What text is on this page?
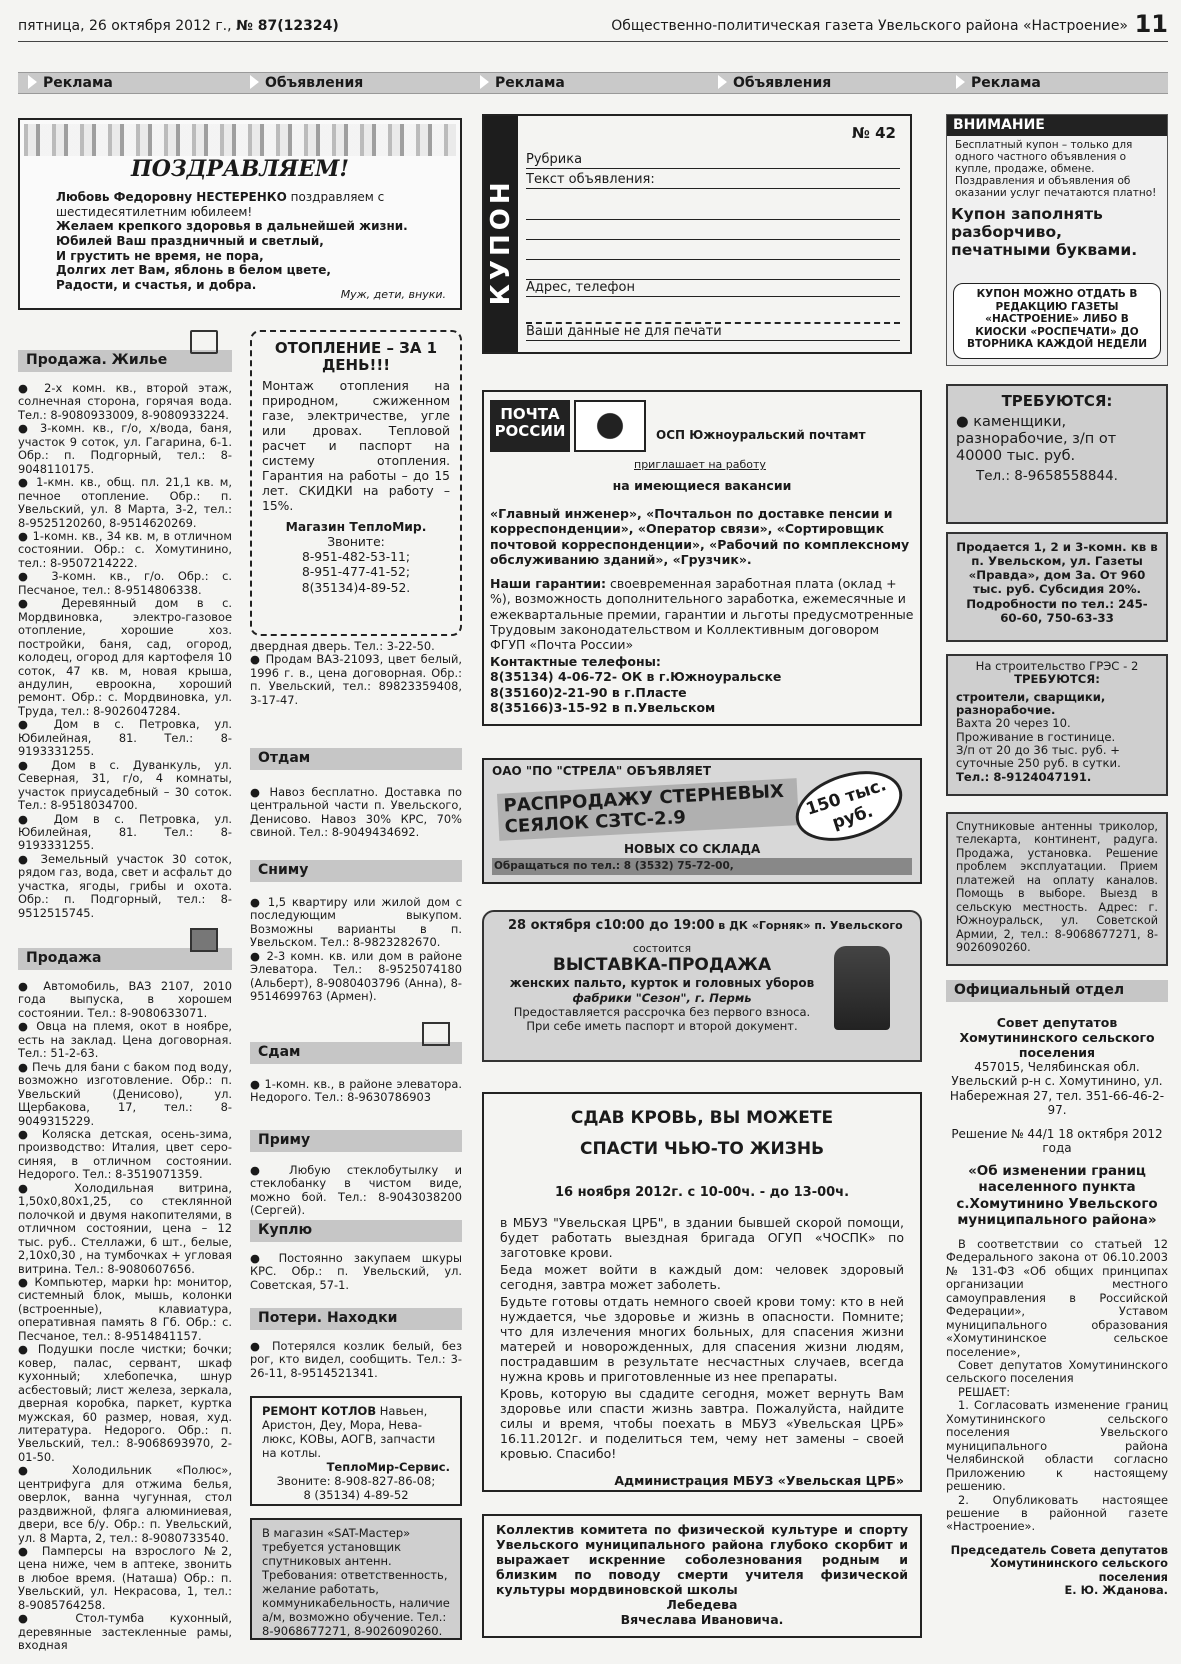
пятница, 26 октября 2012 г., № 87(12324)	Общественно-политическая газета Увельского района «Настроение» 11
Реклама	Объявления	Реклама	Объявления	Реклама
ПОЗДРАВЛЯЕМ!
Любовь Федоровну НЕСТЕРЕНКО поздравляем с шестидесятилетним юбилеем!
Желаем крепкого здоровья в дальнейшей жизни.
Юбилей Ваш праздничный и светлый,
И грустить не время, не пора,
Долгих лет Вам, яблонь в белом цвете,
Радости, и счастья, и добра.
Муж, дети, внуки.
Продажа. Жилье

● 2-х комн. кв., второй этаж, солнечная сторона, горячая вода. Тел.: 8-9080933009, 8-9080933224.

● 3-комн. кв., г/о, х/вода, баня, участок 9 соток, ул. Гагарина, 6-1. Обр.: п. Подгорный, тел.: 8-9048110175.

● 1-кмн. кв., общ. пл. 21,1 кв. м, печное отопление. Обр.: п. Увельский, ул. 8 Марта, 3-2, тел.: 8-9525120260, 8-9514620269.

● 1-комн. кв., 34 кв. м, в отличном состоянии. Обр.: с. Хомутинино, тел.: 8-9507214222.

● 3-комн. кв., г/о. Обр.: с. Песчаное, тел.: 8-9514806338.

● Деревянный дом в с. Мордвиновка, электро-газовое отопление, хорошие хоз. постройки, баня, сад, огород, колодец, огород для картофеля 10 соток, 47 кв. м, новая крыша, андулин, евроокна, хороший ремонт. Обр.: с. Мордвиновка, ул. Труда, тел.: 8-9026047284.

● Дом в с. Петровка, ул. Юбилейная, 81. Тел.: 8-9193331255.

● Дом в с. Дуванкуль, ул. Северная, 31, г/о, 4 комнаты, участок приусадебный – 30 соток. Тел.: 8-9518034700.

● Дом в с. Петровка, ул. Юбилейная, 81. Тел.: 8-9193331255.

● Земельный участок 30 соток, рядом газ, вода, свет и асфальт до участка, ягоды, грибы и охота. Обр.: п. Подгорный, тел.: 8-9512515745.

Продажа

● Автомобиль, ВАЗ 2107, 2010 года выпуска, в хорошем состоянии. Тел.: 8-9080633071.

● Овца на племя, окот в ноябре, есть на заклад. Цена договорная. Тел.: 51-2-63.

● Печь для бани с баком под воду, возможно изготовление. Обр.: п. Увельский (Денисово), ул. Щербакова, 17, тел.: 8-9049315229.

● Коляска детская, осень-зима, производство: Италия, цвет серо-синяя, в отличном состоянии. Недорого. Тел.: 8-3519071359.

● Холодильная витрина, 1,50х0,80х1,25, со стеклянной полочкой и двумя накопителями, в отличном состоянии, цена – 12 тыс. руб.. Стеллажи, 6 шт., белые, 2,10х0,30 , на тумбочках + угловая витрина. Тел.: 8-9080607656.

● Компьютер, марки hp: монитор, системный блок, мышь, колонки (встроенные), клавиатура, оперативная память 8 Гб. Обр.: с. Песчаное, тел.: 8-9514841157.

● Подушки после чистки; бочки; ковер, палас, сервант, шкаф кухонный; хлебопечка, шнур асбестовый; лист железа, зеркала, дверная коробка, паркет, куртка мужская, 60 размер, новая, худ. литература. Недорого. Обр.: п. Увельский, тел.: 8-9068693970, 2-01-50.

● Холодильник «Полюс», центрифуга для отжима белья, оверлок, ванна чугунная, стол раздвижной, фляга алюминиевая, двери, все б/у. Обр.: п. Увельский, ул. 8 Марта, 2, тел.: 8-9080733540.

● Памперсы на взрослого №2, цена ниже, чем в аптеке, звонить в любое время. (Наташа) Обр.: п. Увельский, ул. Некрасова, 1, тел.: 8-9085764258.

● Стол-тумба кухонный, деревянные застекленные рамы, входная

ОТОПЛЕНИЕ – ЗА 1 ДЕНЬ!!!
Монтаж отопления на природном, сжиженном газе, электричестве, угле или дровах. Тепловой расчет и паспорт на систему отопления. Гарантия на работы – до 15 лет. СКИДКИ на работу – 15%.
Магазин ТеплоМир.
Звоните:
8-951-482-53-11;
8-951-477-41-52;
8(35134)4-89-52.

двердная дверь. Тел.: 3-22-50.

● Продам ВАЗ-21093, цвет белый, 1996 г. в., цена договорная. Обр.: п. Увельский, тел.: 89823359408, 3-17-47.

Отдам
● Навоз бесплатно. Доставка по центральной части п. Увельского, Денисово. Навоз 30% КРС, 70% свиной. Тел.: 8-9049434692.
Сниму

● 1,5 квартиру или жилой дом с последующим выкупом. Возможны варианты в п. Увельском. Тел.: 8-9823282670.

● 2-3 комн. кв. или дом в районе Элеватора. Тел.: 8-9525074180 (Альберт), 8-9080403796 (Анна), 8-9514699763 (Армен).

Сдам
● 1-комн. кв., в районе элеватора. Недорого. Тел.: 8-9630786903
Приму
● Любую стеклобутылку и стеклобанку в чистом виде, можно бой. Тел.: 8-9043038200 (Сергей).
Куплю
● Постоянно закупаем шкуры КРС. Обр.: п. Увельский, ул. Советская, 57-1.
Потери. Находки
● Потерялся козлик белый, без рог, кто видел, сообщить. Тел.: 3-26-11, 8-9514521341.
РЕМОНТ КОТЛОВ Навьен, Аристон, Деу, Мора, Нева-люкс, КОВы, АОГВ, запчасти на котлы.

ТеплоМир-Сервис.
Звоните: 8-908-827-86-08;
8 (35134) 4-89-52
В магазин «SAT-Мастер» требуется установщик спутниковых антенн. Требования: ответственность, желание работать, коммуникабельность, наличие а/м, возможно обучение. Тел.: 8-9068677271, 8-9026090260.
КУПОН
№ 42
Рубрика
Текст объявления:
Адрес, телефон
Ваши данные не для печати
ВНИМАНИЕ
Бесплатный купон – только для одного частного объявления о купле, продаже, обмене. Поздравления и объявления об оказании услуг печатаются платно!
Купон заполнять разборчиво, печатными буквами.
КУПОН МОЖНО ОТДАТЬ В РЕДАКЦИЮ ГАЗЕТЫ «НАСТРОЕНИЕ» ЛИБО В КИОСКИ «РОСПЕЧАТИ» ДО ВТОРНИКА КАЖДОЙ НЕДЕЛИ
ПОЧТА РОССИИ	ОСП Южноуральский почтамт
приглашает на работу
на имеющиеся вакансии
«Главный инженер», «Почтальон по доставке пенсии и корреспонденции», «Оператор связи», «Сортировщик почтовой корреспонденции», «Рабочий по комплексному обслуживанию зданий», «Грузчик».
Наши гарантии: своевременная заработная плата (оклад + %), возможность дополнительного заработка, ежемесячные и ежеквартальные премии, гарантии и льготы предусмотренные Трудовым законодательством и Коллективным договором ФГУП «Почта России»
Контактные телефоны:
8(35134) 4-06-72- ОК в г.Южноуральске
8(35160)2-21-90 в г.Пласте
8(35166)3-15-92 в п.Увельском
ОАО "ПО "СТРЕЛА" ОБЪЯВЛЯЕТ
РАСПРОДАЖУ СТЕРНЕВЫХ СЕЯЛОК СЗТС-2.9
150 тыс. руб.
НОВЫХ СО СКЛАДА
Обращаться по тел.: 8 (3532) 75-72-00,
28 октября с10:00 до 19:00 в ДК «Горняк» п. Увельского
состоится
ВЫСТАВКА-ПРОДАЖА
женских пальто, курток и головных уборов
фабрики "Сезон", г. Пермь
Предоставляется рассрочка без первого взноса.
При себе иметь паспорт и второй документ.
СДАВ КРОВЬ, ВЫ МОЖЕТЕ
СПАСТИ ЧЬЮ-ТО ЖИЗНЬ
16 ноября 2012г. с 10-00ч. - до 13-00ч.
в МБУЗ "Увельская ЦРБ", в здании бывшей скорой помощи, будет работать выездная бригада ОГУП «ЧОСПК» по заготовке крови.
Беда может войти в каждый дом: человек здоровый сегодня, завтра может заболеть.
Будьте готовы отдать немного своей крови тому: кто в ней нуждается, чье здоровье и жизнь в опасности. Помните; что для излечения многих больных, для спасения жизни матерей и новорожденных, для спасения жизни людям, пострадавшим в результате несчастных случаев, всегда нужна кровь и приготовленные из нее препараты.
Кровь, которую вы сдадите сегодня, может вернуть Вам здоровье или спасти жизнь завтра. Пожалуйста, найдите силы и время, чтобы поехать в МБУЗ «Увельская ЦРБ» 16.11.2012г. и поделиться тем, чему нет замены – своей кровью. Спасибо!
Администрация МБУЗ «Увельская ЦРБ»
Коллектив комитета по физической культуре и спорту Увельского муниципального района глубоко скорбит и выражает искренние соболезнования родным и близким по поводу смерти учителя физической культуры мордвиновской школы
Лебедева
Вячеслава Ивановича.
ТРЕБУЮТСЯ:
● каменщики, разнорабочие, з/п от 40000 тыс. руб.
Тел.: 8-9658558844.
Продается 1, 2 и 3-комн. кв в п. Увельском, ул. Газеты «Правда», дом 3а. От 960 тыс. руб. Субсидия 20%. Подробности по тел.: 245-60-60, 750-63-33
На строительство ГРЭС - 2
ТРЕБУЮТСЯ:
строители, сварщики, разнорабочие.
Вахта 20 через 10.
Проживание в гостинице.
З/п от 20 до 36 тыс. руб. + суточные 250 руб. в сутки.
Тел.: 8-9124047191.
Спутниковые антенны триколор, телекарта, континент, радуга. Продажа, установка. Решение проблем эксплуатации. Прием платежей на оплату каналов. Помощь в выборе. Выезд в сельскую местность. Адрес: г. Южноуральск, ул. Советской Армии, 2, тел.: 8-9068677271, 8-9026090260.
Официальный отдел
Совет депутатов Хомутининского сельского поселения
457015, Челябинская обл. Увельский р-н с. Хомутинино, ул. Набережная 27, тел. 351-66-46-2-97.
Решение № 44/1 18 октября 2012 года
«Об изменении границ населенного пункта с.Хомутинино Увельского муниципального района»
В соответствии со статьей 12 Федерального закона от 06.10.2003 № 131-ФЗ «Об общих принципах организации местного самоуправления в Российской Федерации», Уставом муниципального образования «Хомутининское сельское поселение»,
Совет депутатов Хомутининского сельского поселения
РЕШАЕТ:
1. Согласовать изменение границ Хомутининского сельского поселения Увельского муниципального района Челябинской области согласно Приложению к настоящему решению.
2. Опубликовать настоящее решение в районной газете «Настроение».
Председатель Совета депутатов
Хомутининского сельского поселения
Е. Ю. Жданова.
